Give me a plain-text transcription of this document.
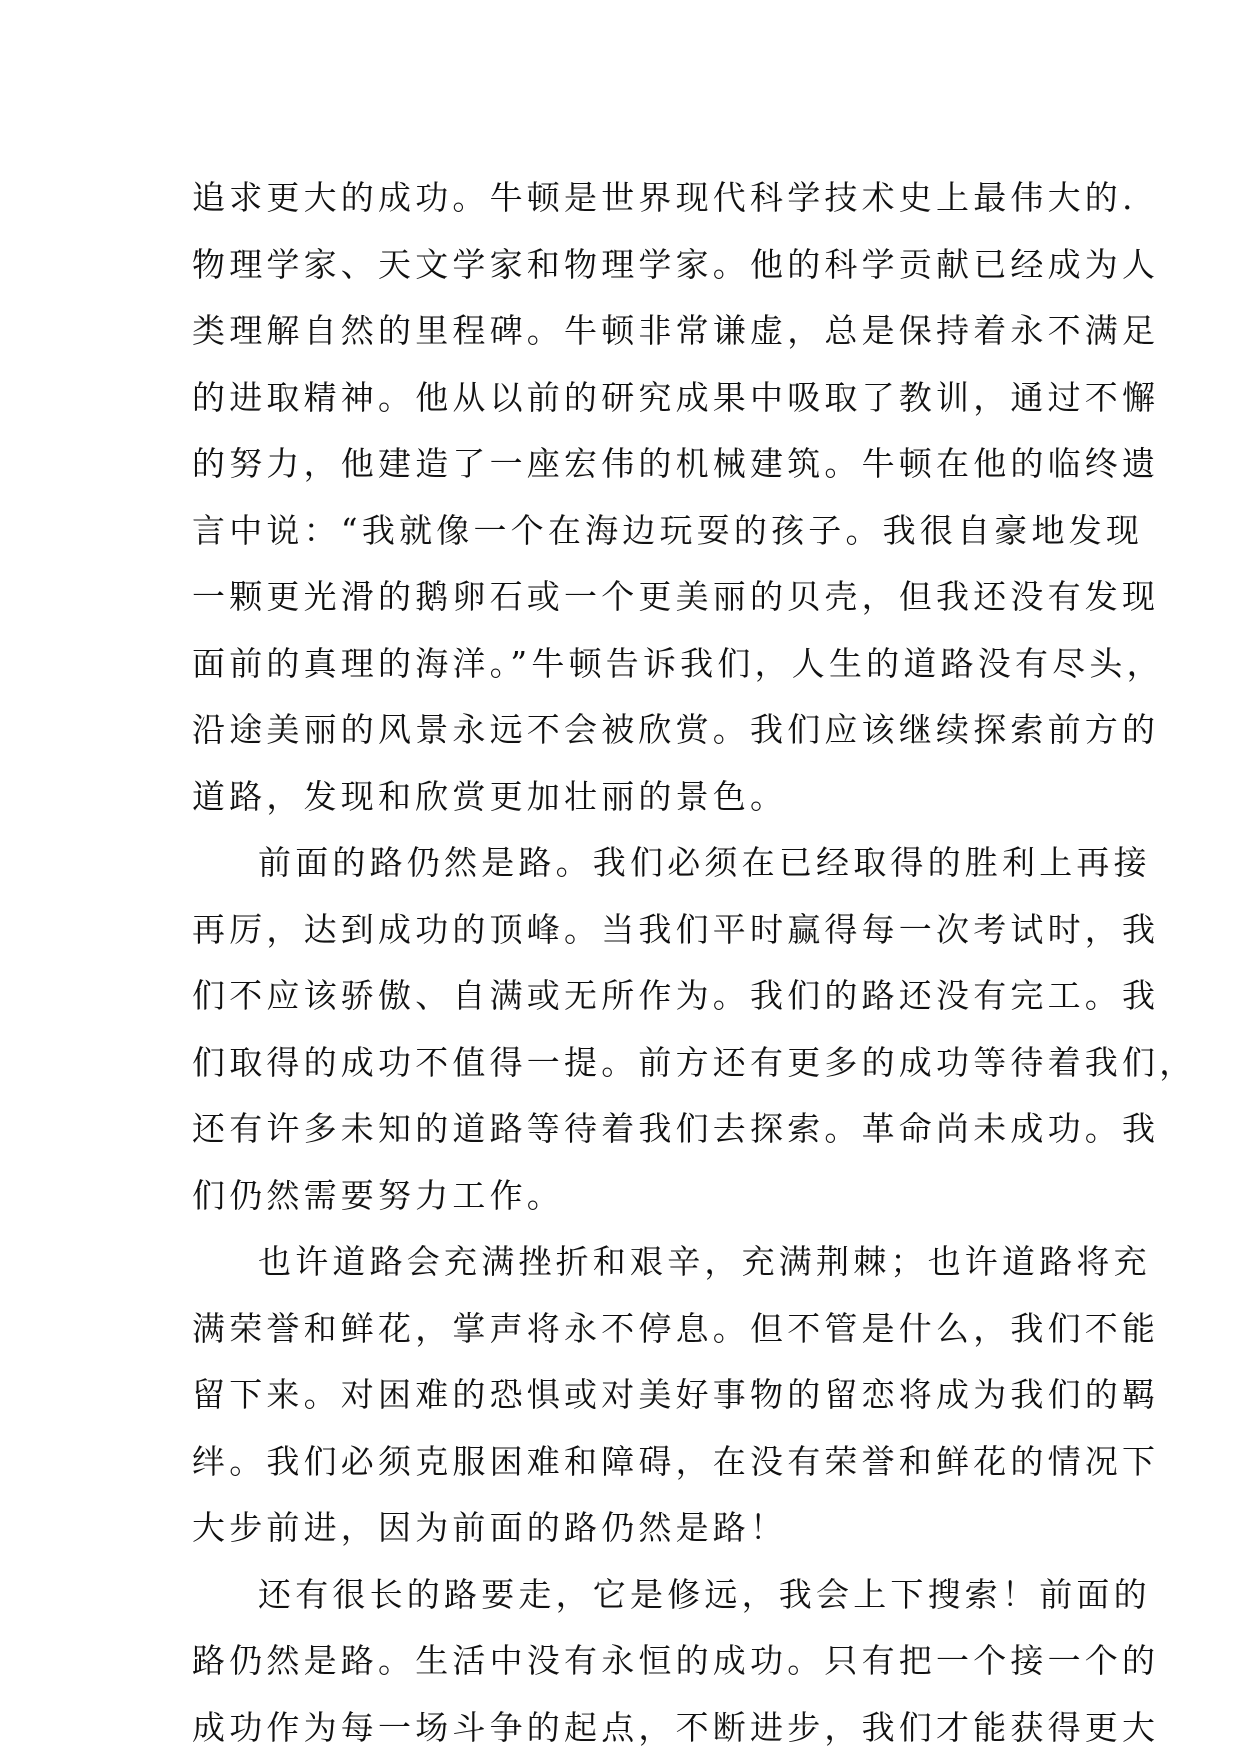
追求更大的成功。牛顿是世界现代科学技术史上最伟大的.
物理学家、天文学家和物理学家。他的科学贡献已经成为人
类理解自然的里程碑。牛顿非常谦虚，总是保持着永不满足
的进取精神。他从以前的研究成果中吸取了教训，通过不懈
的努力，他建造了一座宏伟的机械建筑。牛顿在他的临终遗
言中说：“我就像一个在海边玩耍的孩子。我很自豪地发现
一颗更光滑的鹅卵石或一个更美丽的贝壳，但我还没有发现
面前的真理的海洋。”牛顿告诉我们，人生的道路没有尽头，
沿途美丽的风景永远不会被欣赏。我们应该继续探索前方的
道路，发现和欣赏更加壮丽的景色。
前面的路仍然是路。我们必须在已经取得的胜利上再接
再厉，达到成功的顶峰。当我们平时赢得每一次考试时，我
们不应该骄傲、自满或无所作为。我们的路还没有完工。我
们取得的成功不值得一提。前方还有更多的成功等待着我们，
还有许多未知的道路等待着我们去探索。革命尚未成功。我
们仍然需要努力工作。
也许道路会充满挫折和艰辛，充满荆棘；也许道路将充
满荣誉和鲜花，掌声将永不停息。但不管是什么，我们不能
留下来。对困难的恐惧或对美好事物的留恋将成为我们的羁
绊。我们必须克服困难和障碍，在没有荣誉和鲜花的情况下
大步前进，因为前面的路仍然是路！
还有很长的路要走，它是修远，我会上下搜索！前面的
路仍然是路。生活中没有永恒的成功。只有把一个接一个的
成功作为每一场斗争的起点，不断进步，我们才能获得更大
